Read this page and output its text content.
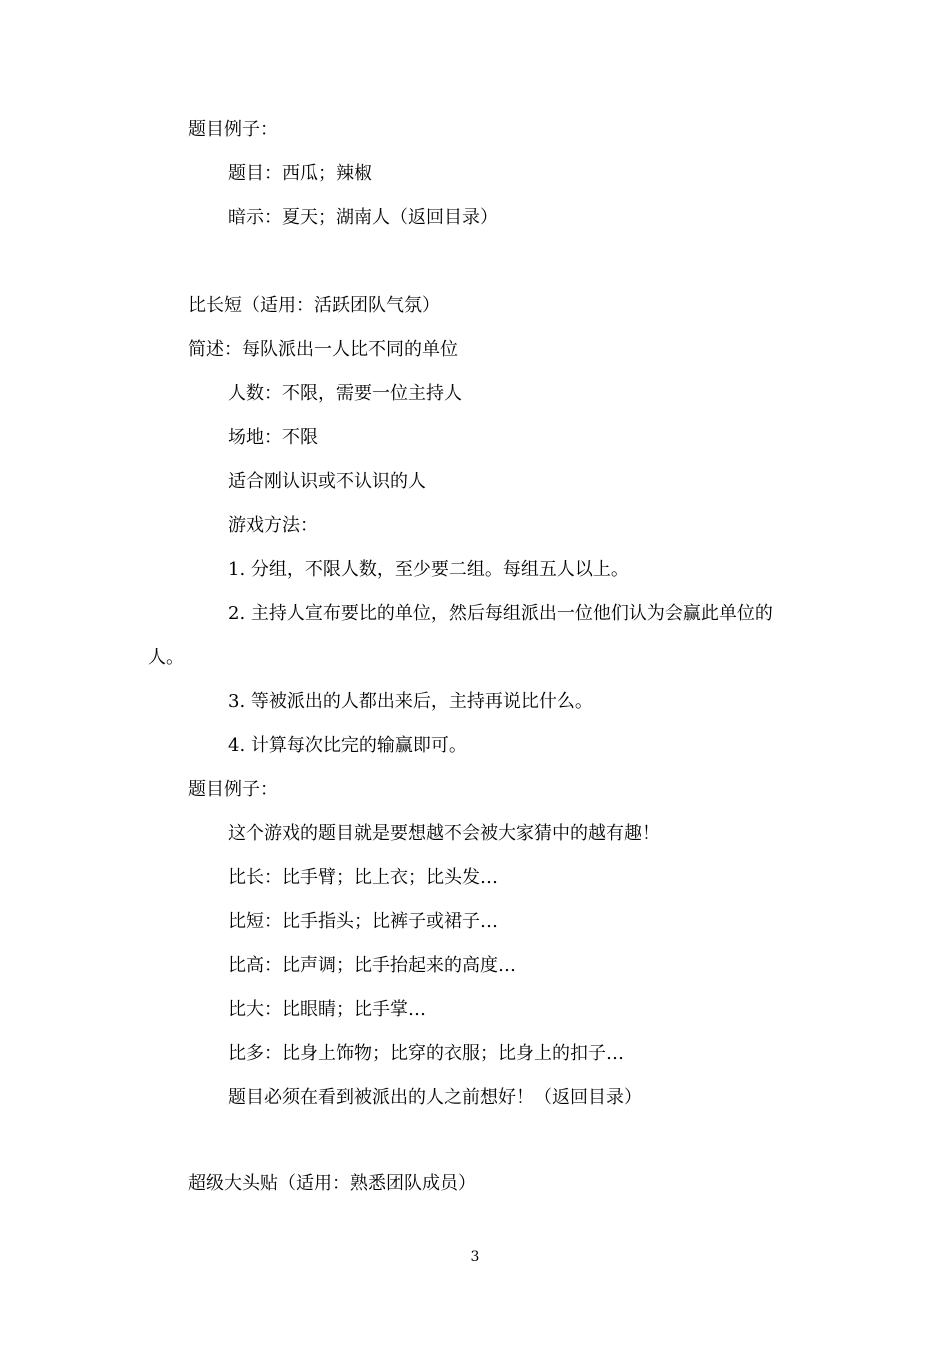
题目例子：
题目：西瓜；辣椒
暗示：夏天；湖南人（返回目录）
比长短（适用：活跃团队气氛）
简述：每队派出一人比不同的单位
人数：不限，需要一位主持人
场地：不限
适合刚认识或不认识的人
游戏方法：
1. 分组，不限人数，至少要二组。每组五人以上。
2. 主持人宣布要比的单位，然后每组派出一位他们认为会赢此单位的
人。
3. 等被派出的人都出来后，主持再说比什么。
4. 计算每次比完的输赢即可。
题目例子：
这个游戏的题目就是要想越不会被大家猜中的越有趣！
比长：比手臂；比上衣；比头发…
比短：比手指头；比裤子或裙子…
比高：比声调；比手抬起来的高度…
比大：比眼睛；比手掌…
比多：比身上饰物；比穿的衣服；比身上的扣子…
题目必须在看到被派出的人之前想好！（返回目录）
超级大头贴（适用：熟悉团队成员）
3
